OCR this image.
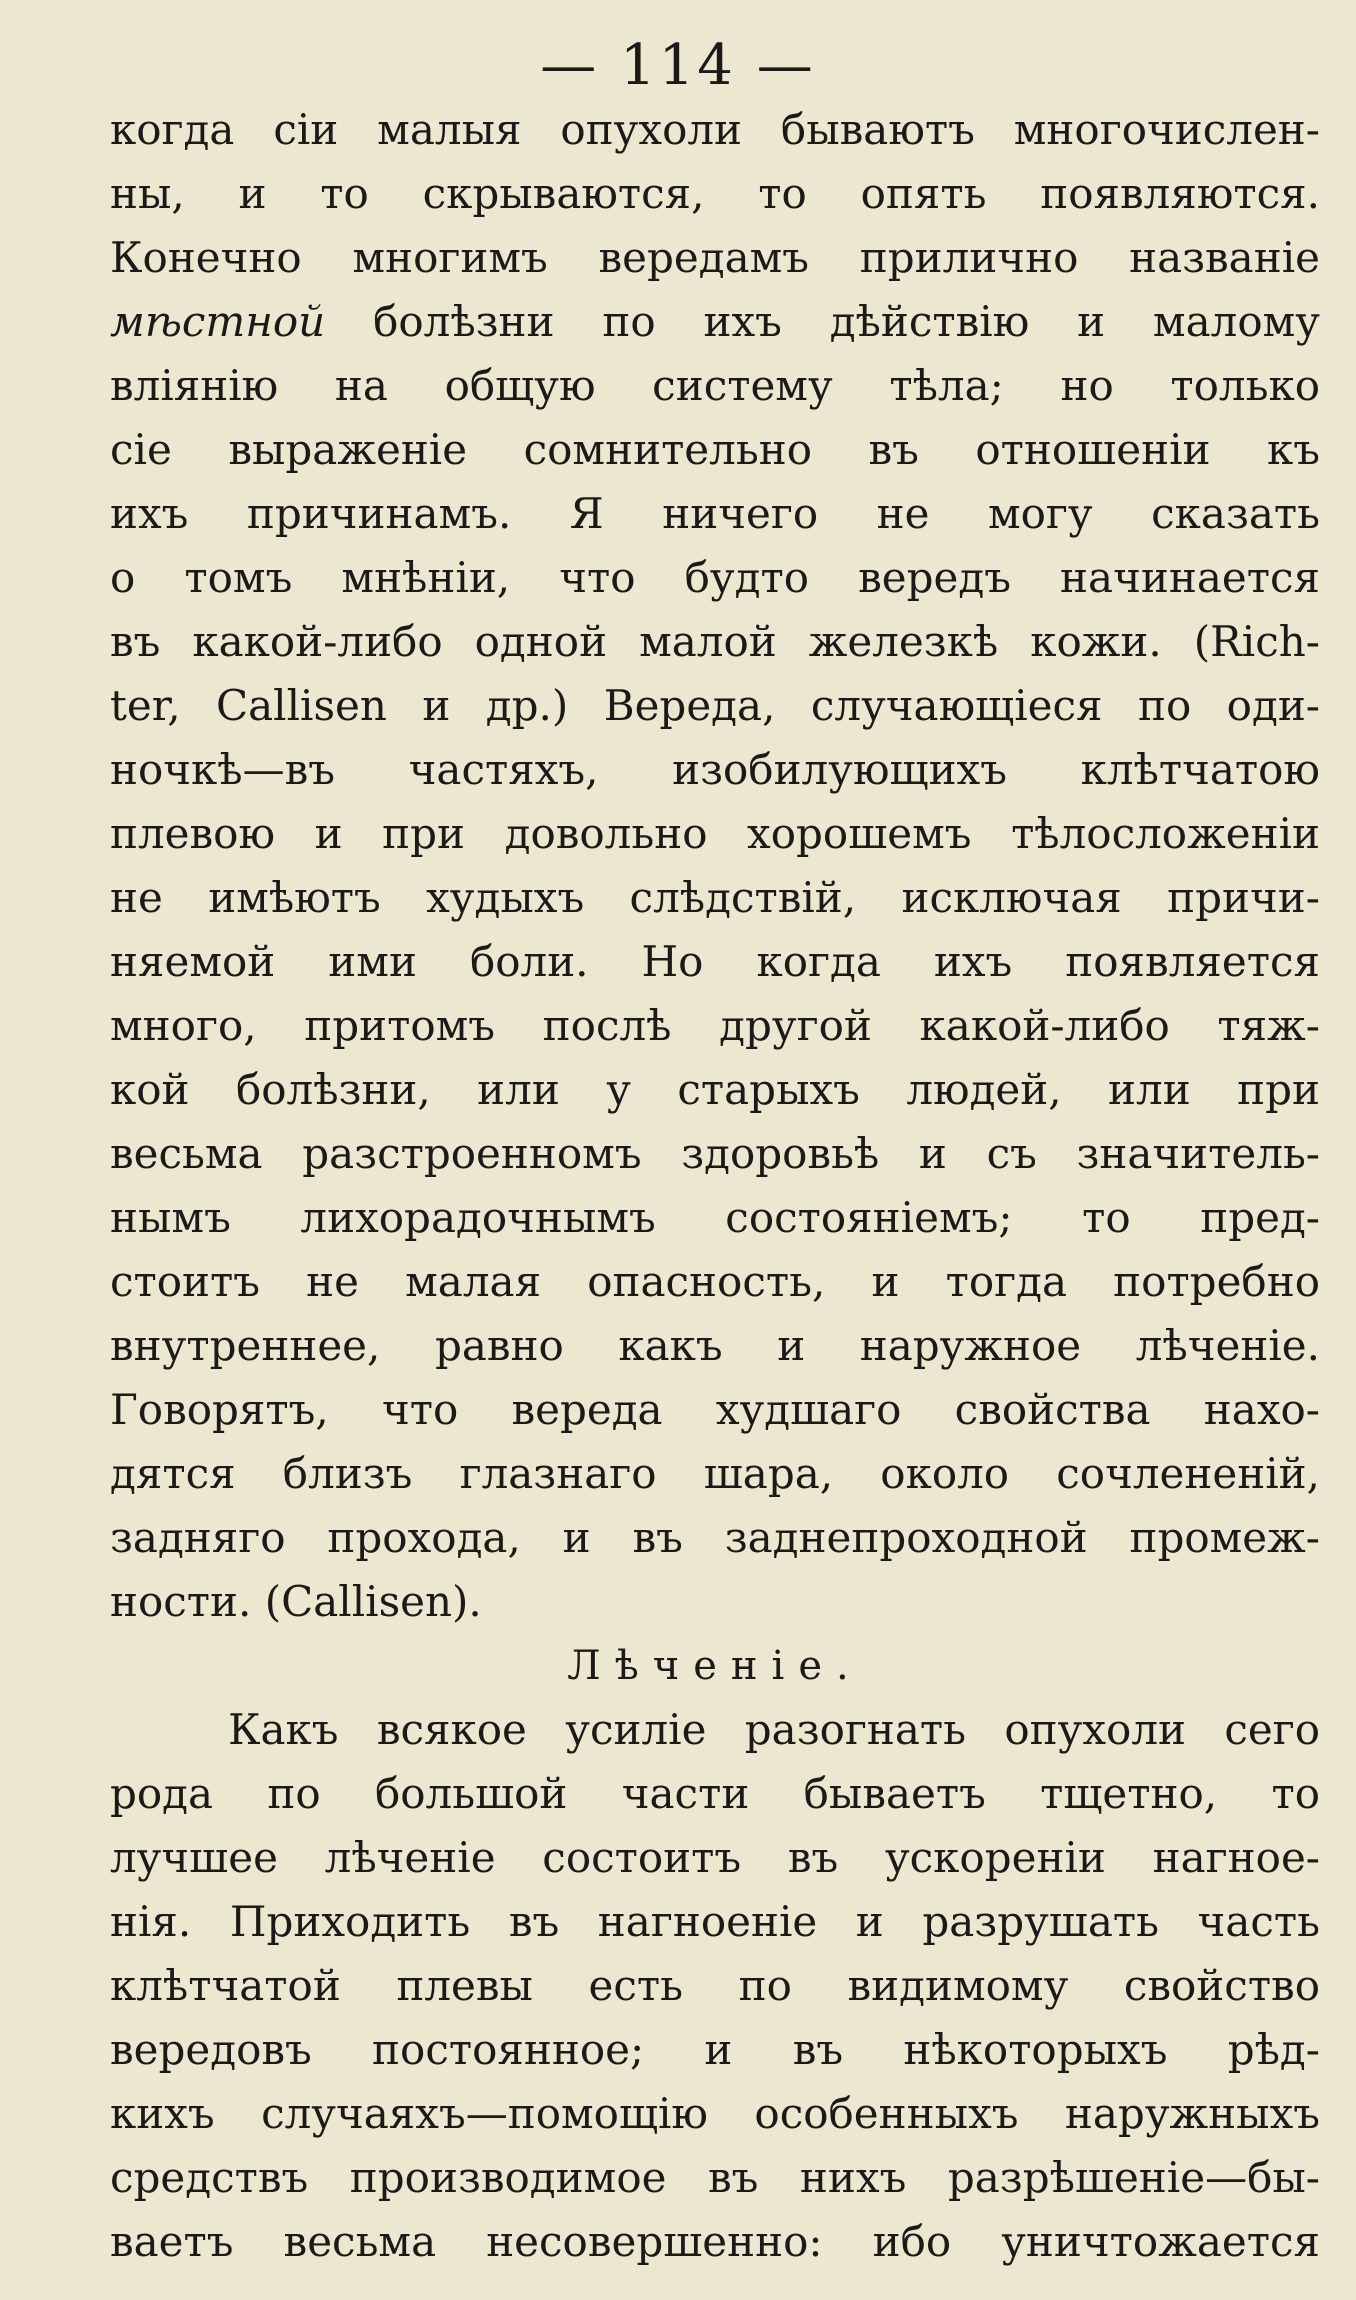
— 114 —
когда сіи малыя опухоли бываютъ многочислен-
ны, и то скрываются, то опять появляются.
Конечно многимъ вередамъ прилично названіе
мѣстной болѣзни по ихъ дѣйствію и малому
вліянію на общую систему тѣла; но только
сіе выраженіе сомнительно въ отношеніи къ
ихъ причинамъ. Я ничего не могу сказать
о томъ мнѣніи, что будто вередъ начинается
въ какой-либо одной малой железкѣ кожи. (Rich-
ter, Callisen и др.) Вереда, случающіеся по оди-
ночкѣ—въ частяхъ, изобилующихъ клѣтчатою
плевою и при довольно хорошемъ тѣлосложеніи
не имѣютъ худыхъ слѣдствій, исключая причи-
няемой ими боли. Но когда ихъ появляется
много, притомъ послѣ другой какой-либо тяж-
кой болѣзни, или у старыхъ людей, или при
весьма разстроенномъ здоровьѣ и съ значитель-
нымъ лихорадочнымъ состояніемъ; то пред-
стоитъ не малая опасность, и тогда потребно
внутреннее, равно какъ и наружное лѣченіе.
Говорятъ, что вереда худшаго свойства нахо-
дятся близъ глазнаго шара, около сочлененій,
задняго прохода, и въ заднепроходной промеж-
ности. (Callisen).
Лѣченіе.
Какъ всякое усиліе разогнать опухоли сего
рода по большой части бываетъ тщетно, то
лучшее лѣченіе состоитъ въ ускореніи нагное-
нія. Приходить въ нагноеніе и разрушать часть
клѣтчатой плевы есть по видимому свойство
вередовъ постоянное; и въ нѣкоторыхъ рѣд-
кихъ случаяхъ—помощію особенныхъ наружныхъ
средствъ производимое въ нихъ разрѣшеніе—бы-
ваетъ весьма несовершенно: ибо уничтожается
